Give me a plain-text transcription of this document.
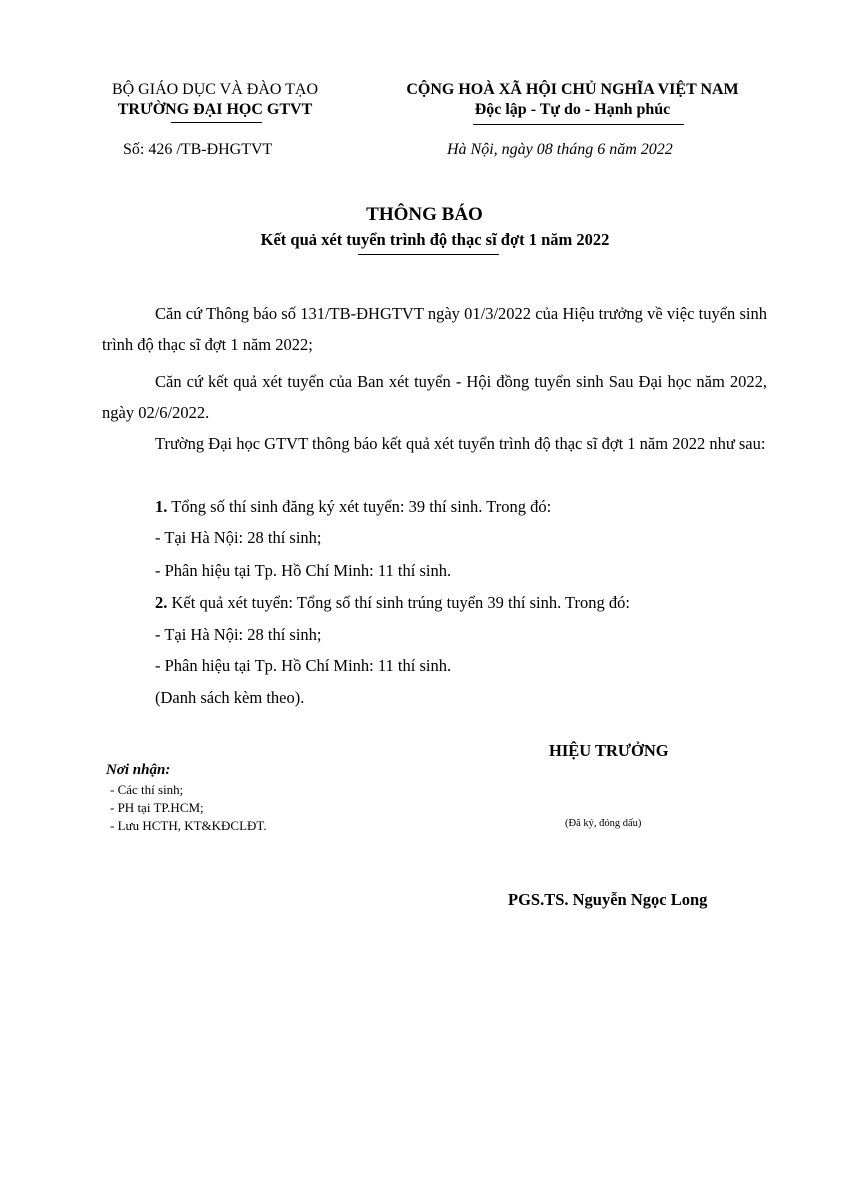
BỘ GIÁO DỤC VÀ ĐÀO TẠO
TRƯỜNG ĐẠI HỌC GTVT
CỘNG HOÀ XÃ HỘI CHỦ NGHĨA VIỆT NAM
Độc lập - Tự do - Hạnh phúc
Số: 426 /TB-ĐHGTVT	Hà Nội, ngày 08 tháng 6 năm 2022
THÔNG BÁO
Kết quả xét tuyển trình độ thạc sĩ đợt 1 năm 2022
Căn cứ Thông báo số 131/TB-ĐHGTVT ngày 01/3/2022 của Hiệu trưởng về việc tuyển sinh trình độ thạc sĩ đợt 1 năm 2022;
Căn cứ kết quả xét tuyển của Ban xét tuyển - Hội đồng tuyển sinh Sau Đại học năm 2022, ngày 02/6/2022.
Trường Đại học GTVT thông báo kết quả xét tuyển trình độ thạc sĩ đợt 1 năm 2022 như sau:
1. Tổng số thí sinh đăng ký xét tuyển: 39 thí sinh. Trong đó:
- Tại Hà Nội: 28 thí sinh;
- Phân hiệu tại Tp. Hồ Chí Minh: 11 thí sinh.
2. Kết quả xét tuyển: Tổng số thí sinh trúng tuyển 39 thí sinh. Trong đó:
- Tại Hà Nội: 28 thí sinh;
- Phân hiệu tại Tp. Hồ Chí Minh: 11 thí sinh.
(Danh sách kèm theo).
HIỆU TRƯỞNG
(Đã ký, đóng dấu)
PGS.TS. Nguyễn Ngọc Long
Nơi nhận:
- Các thí sinh;
- PH tại TP.HCM;
- Lưu HCTH, KT&KĐCLĐT.
